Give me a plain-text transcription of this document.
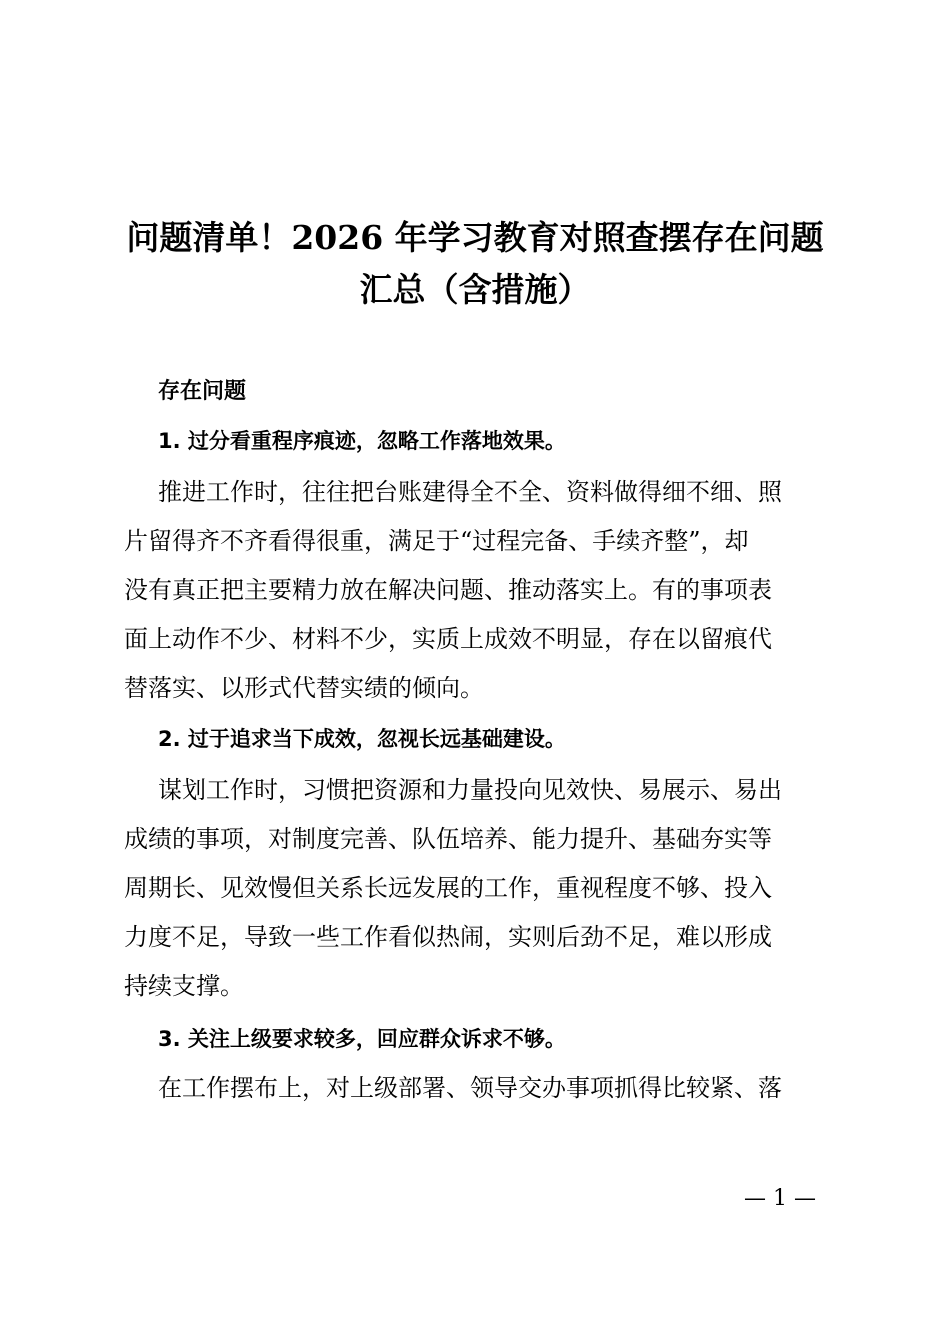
问题清单！2026 年学习教育对照查摆存在问题
汇总（含措施）
存在问题
1. 过分看重程序痕迹，忽略工作落地效果。
推进工作时，往往把台账建得全不全、资料做得细不细、照
片留得齐不齐看得很重，满足于“过程完备、手续齐整”，却
没有真正把主要精力放在解决问题、推动落实上。有的事项表
面上动作不少、材料不少，实质上成效不明显，存在以留痕代
替落实、以形式代替实绩的倾向。
2. 过于追求当下成效，忽视长远基础建设。
谋划工作时，习惯把资源和力量投向见效快、易展示、易出
成绩的事项，对制度完善、队伍培养、能力提升、基础夯实等
周期长、见效慢但关系长远发展的工作，重视程度不够、投入
力度不足，导致一些工作看似热闹，实则后劲不足，难以形成
持续支撑。
3. 关注上级要求较多，回应群众诉求不够。
在工作摆布上，对上级部署、领导交办事项抓得比较紧、落
— 1 —
